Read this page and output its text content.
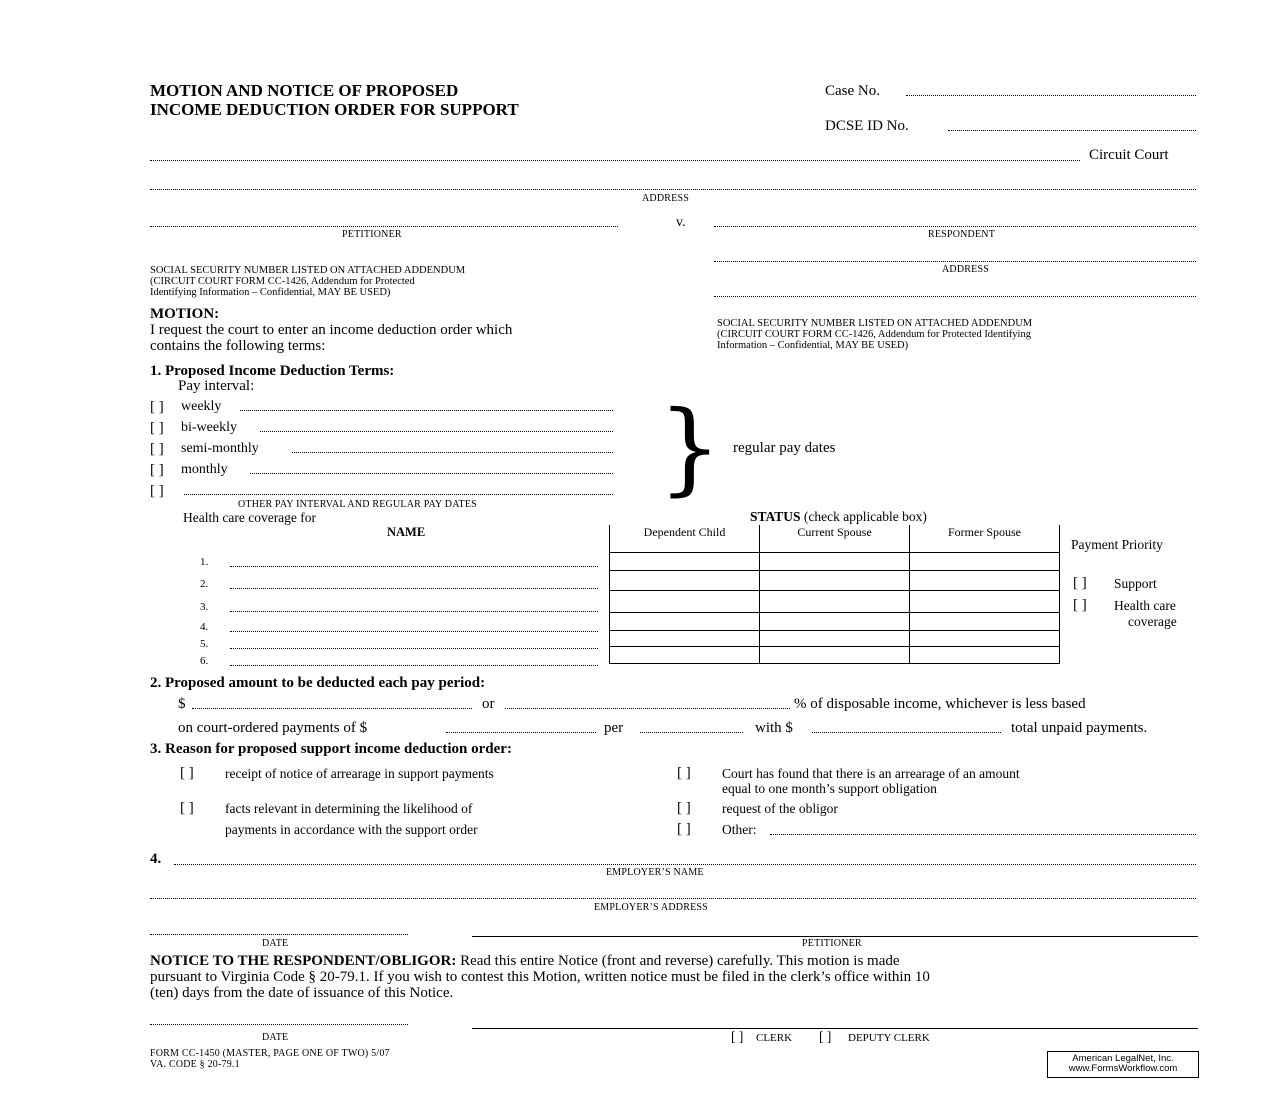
MOTION AND NOTICE OF PROPOSED
INCOME DEDUCTION ORDER FOR SUPPORT
Case No.
DCSE ID No.
Circuit Court
ADDRESS
v.
PETITIONER	RESPONDENT
ADDRESS
SOCIAL SECURITY NUMBER LISTED ON ATTACHED ADDENDUM
(CIRCUIT COURT FORM CC-1426, Addendum for Protected
Identifying Information – Confidential, MAY BE USED)
SOCIAL SECURITY NUMBER LISTED ON ATTACHED ADDENDUM
(CIRCUIT COURT FORM CC-1426, Addendum for Protected Identifying
Information – Confidential, MAY BE USED)
MOTION:
I request the court to enter an income deduction order which
contains the following terms:
1. Proposed Income Deduction Terms:
Pay interval:
[ ] weekly
[ ] bi-weekly
[ ] semi-monthly
[ ] monthly
[ ]
OTHER PAY INTERVAL AND REGULAR PAY DATES } regular pay dates
Health care coverage for
NAME
STATUS (check applicable box)
Dependent Child	Current Spouse	Former Spouse

1.
2.
3.
4.
5.
6.
Payment Priority
[ ] Support
[ ] Health care
coverage
2. Proposed amount to be deducted each pay period:
$	or	% of disposable income, whichever is less based
on court-ordered payments of $	per	with $	total unpaid payments.
3. Reason for proposed support income deduction order:
[ ] receipt of notice of arrearage in support payments	[ ] Court has found that there is an arrearage of an amount
equal to one month’s support obligation
[ ] facts relevant in determining the likelihood of	[ ] request of the obligor
payments in accordance with the support order	[ ] Other:
4.
EMPLOYER’S NAME
EMPLOYER’S ADDRESS
DATE	PETITIONER
NOTICE TO THE RESPONDENT/OBLIGOR: Read this entire Notice (front and reverse) carefully. This motion is made
pursuant to Virginia Code § 20-79.1. If you wish to contest this Motion, written notice must be filed in the clerk’s office within 10
(ten) days from the date of issuance of this Notice.
DATE	[ ] CLERK [ ] DEPUTY CLERK
FORM CC-1450 (MASTER, PAGE ONE OF TWO) 5/07
VA. CODE § 20-79.1
American LegalNet, Inc.
www.FormsWorkflow.com
